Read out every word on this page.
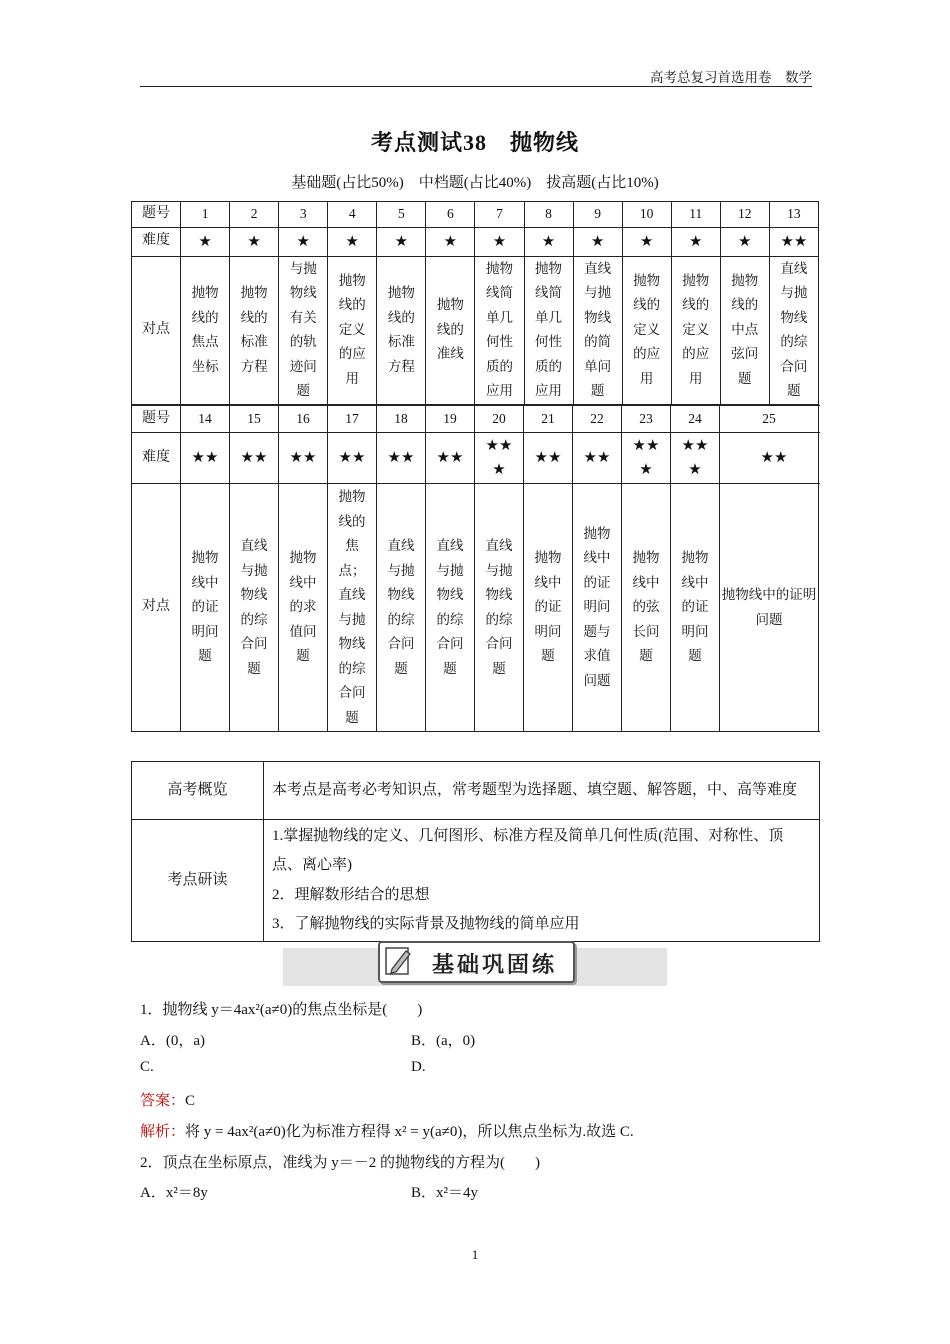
高考总复习首选用卷　数学
考点测试38　抛物线
基础题(占比50%)　中档题(占比40%)　拔高题(占比10%)
题号	1	2	3	4	5	6	7	8	9	10	11	12	13
难度	★	★	★	★	★	★	★	★	★	★	★	★	★★
对点	抛物线的焦点坐标	抛物线的标准方程	与抛物线有关的轨迹问题	抛物线的定义的应用	抛物线的标准方程	抛物线的准线	抛物线简单几何性质的应用	抛物线简单几何性质的应用	直线与抛物线的简单问题	抛物线的定义的应用	抛物线的定义的应用	抛物线的中点弦问题	直线与抛物线的综合问题
题号	14	15	16	17	18	19	20	21	22	23	24	25
难度	★★	★★	★★	★★	★★	★★	★★★	★★	★★	★★★	★★★	★★
对点	抛物线中的证明问题	直线与抛物线的综合问题	抛物线中的求值问题	抛物线的焦点；直线与抛物线的综合问题	直线与抛物线的综合问题	直线与抛物线的综合问题	直线与抛物线的综合问题	抛物线中的证明问题	抛物线中的证明问题与求值问题	抛物线中的弦长问题	抛物线中的证明问题	抛物线中的证明问题
高考概览	本考点是高考必考知识点，常考题型为选择题、填空题、解答题，中、高等难度
考点研读	1.掌握抛物线的定义、几何图形、标准方程及简单几何性质(范围、对称性、顶点、离心率)
2．理解数形结合的思想
3．了解抛物线的实际背景及抛物线的简单应用
基础巩固练
1．抛物线 y＝4ax²(a≠0)的焦点坐标是(　　)
A．(0，a)	B．(a，0)
C.	D.
答案：C
解析：将 y = 4ax²(a≠0)化为标准方程得 x² = y(a≠0)，所以焦点坐标为.故选 C.
2．顶点在坐标原点，准线为 y＝－2 的抛物线的方程为(　　)
A．x²＝8y	B．x²＝4y
1
